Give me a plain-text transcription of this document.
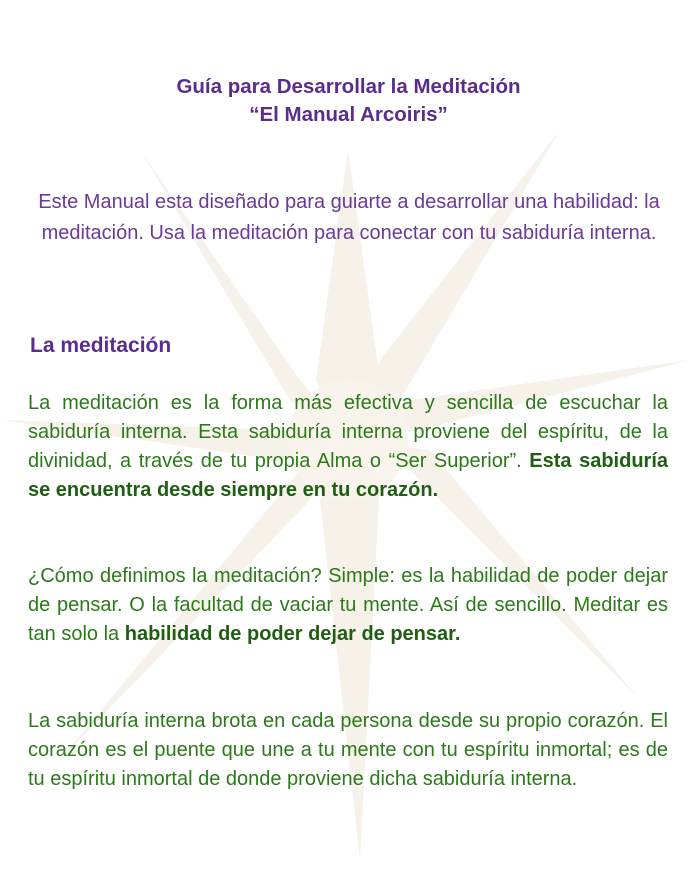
Guía para Desarrollar la Meditación
“El Manual Arcoiris”
Este Manual esta diseñado para guiarte a desarrollar una habilidad: la meditación. Usa la meditación para conectar con tu sabiduría interna.
La meditación
La meditación es la forma más efectiva y sencilla de escuchar la sabiduría interna. Esta sabiduría interna proviene del espíritu, de la divinidad, a través de tu propia Alma o “Ser Superior”. Esta sabiduría se encuentra desde siempre en tu corazón.
¿Cómo definimos la meditación? Simple: es la habilidad de poder dejar de pensar. O la facultad de vaciar tu mente. Así de sencillo. Meditar es tan solo la habilidad de poder dejar de pensar.
La sabiduría interna brota en cada persona desde su propio corazón. El corazón es el puente que une a tu mente con tu espíritu inmortal; es de tu espíritu inmortal de donde proviene dicha sabiduría interna.
